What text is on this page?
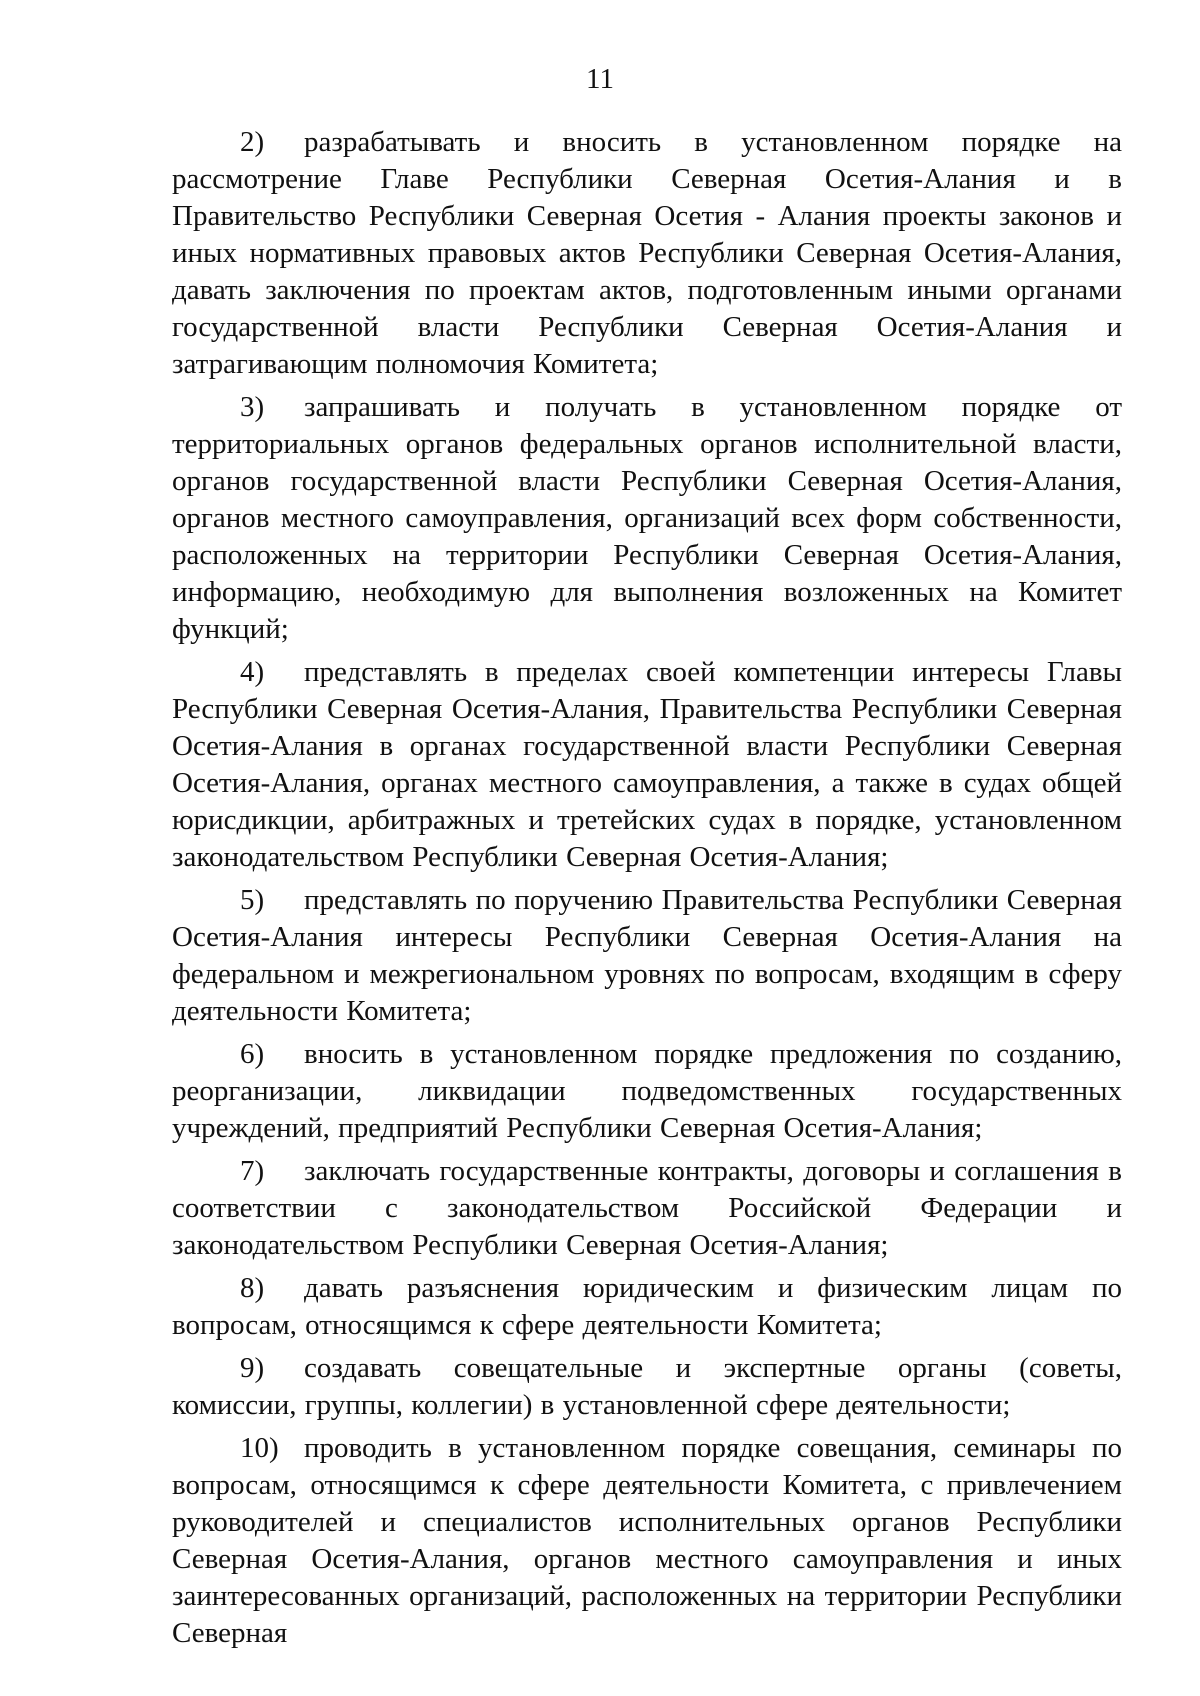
11

2) разрабатывать и вносить в установленном порядке на рассмотрение Главе Республики Северная Осетия-Алания и в Правительство Республики Северная Осетия - Алания проекты законов и иных нормативных правовых актов Республики Северная Осетия-Алания, давать заключения по проектам актов, подготовленным иными органами государственной власти Республики Северная Осетия-Алания и затрагивающим полномочия Комитета;

3) запрашивать и получать в установленном порядке от территориальных органов федеральных органов исполнительной власти, органов государственной власти Республики Северная Осетия-Алания, органов местного самоуправления, организаций всех форм собственности, расположенных на территории Республики Северная Осетия-Алания, информацию, необходимую для выполнения возложенных на Комитет функций;

4) представлять в пределах своей компетенции интересы Главы Республики Северная Осетия-Алания, Правительства Республики Северная Осетия-Алания в органах государственной власти Республики Северная Осетия-Алания, органах местного самоуправления, а также в судах общей юрисдикции, арбитражных и третейских судах в порядке, установленном законодательством Республики Северная Осетия-Алания;

5) представлять по поручению Правительства Республики Северная Осетия-Алания интересы Республики Северная Осетия-Алания на федеральном и межрегиональном уровнях по вопросам, входящим в сферу деятельности Комитета;

6) вносить в установленном порядке предложения по созданию, реорганизации, ликвидации подведомственных государственных учреждений, предприятий Республики Северная Осетия-Алания;

7) заключать государственные контракты, договоры и соглашения в соответствии с законодательством Российской Федерации и законодательством Республики Северная Осетия-Алания;

8) давать разъяснения юридическим и физическим лицам по вопросам, относящимся к сфере деятельности Комитета;

9) создавать совещательные и экспертные органы (советы, комиссии, группы, коллегии) в установленной сфере деятельности;

10) проводить в установленном порядке совещания, семинары по вопросам, относящимся к сфере деятельности Комитета, с привлечением руководителей и специалистов исполнительных органов Республики Северная Осетия-Алания, органов местного самоуправления и иных заинтересованных организаций, расположенных на территории Республики Северная
